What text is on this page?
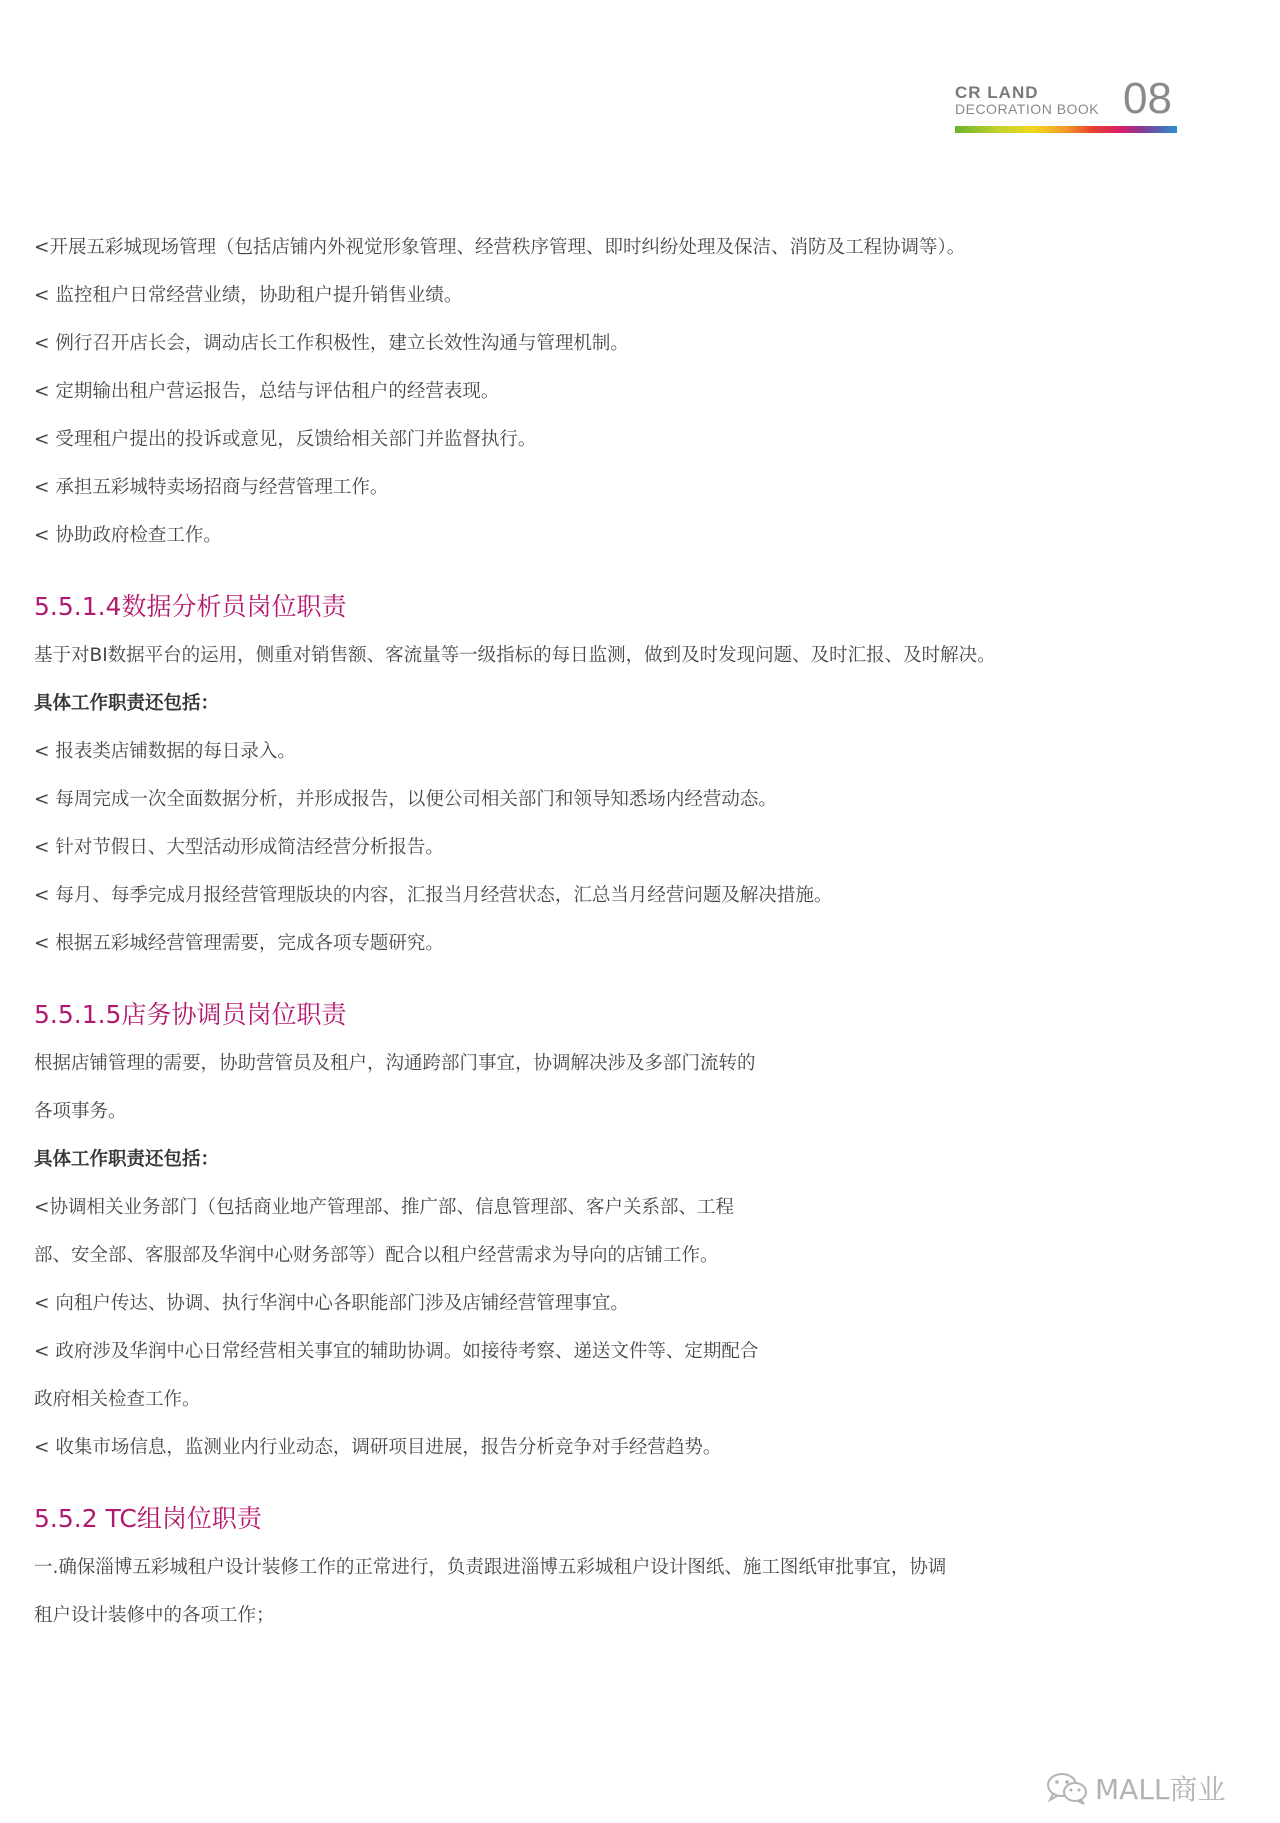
CR LAND
DECORATION BOOK 08
<开展五彩城现场管理（包括店铺内外视觉形象管理、经营秩序管理、即时纠纷处理及保洁、消防及工程协调等）。
< 监控租户日常经营业绩，协助租户提升销售业绩。
< 例行召开店长会，调动店长工作积极性，建立长效性沟通与管理机制。
< 定期输出租户营运报告，总结与评估租户的经营表现。
< 受理租户提出的投诉或意见，反馈给相关部门并监督执行。
< 承担五彩城特卖场招商与经营管理工作。
< 协助政府检查工作。
5.5.1.4数据分析员岗位职责
基于对BI数据平台的运用，侧重对销售额、客流量等一级指标的每日监测，做到及时发现问题、及时汇报、及时解决。
具体工作职责还包括：
< 报表类店铺数据的每日录入。
< 每周完成一次全面数据分析，并形成报告，以便公司相关部门和领导知悉场内经营动态。
< 针对节假日、大型活动形成简洁经营分析报告。
< 每月、每季完成月报经营管理版块的内容，汇报当月经营状态，汇总当月经营问题及解决措施。
< 根据五彩城经营管理需要，完成各项专题研究。
5.5.1.5店务协调员岗位职责
根据店铺管理的需要，协助营管员及租户，沟通跨部门事宜，协调解决涉及多部门流转的
各项事务。
具体工作职责还包括：
<协调相关业务部门（包括商业地产管理部、推广部、信息管理部、客户关系部、工程
部、安全部、客服部及华润中心财务部等）配合以租户经营需求为导向的店铺工作。
< 向租户传达、协调、执行华润中心各职能部门涉及店铺经营管理事宜。
< 政府涉及华润中心日常经营相关事宜的辅助协调。如接待考察、递送文件等、定期配合
政府相关检查工作。
< 收集市场信息，监测业内行业动态，调研项目进展，报告分析竞争对手经营趋势。
5.5.2 TC组岗位职责
一.确保淄博五彩城租户设计装修工作的正常进行，负责跟进淄博五彩城租户设计图纸、施工图纸审批事宜，协调
租户设计装修中的各项工作；
MALL商业
